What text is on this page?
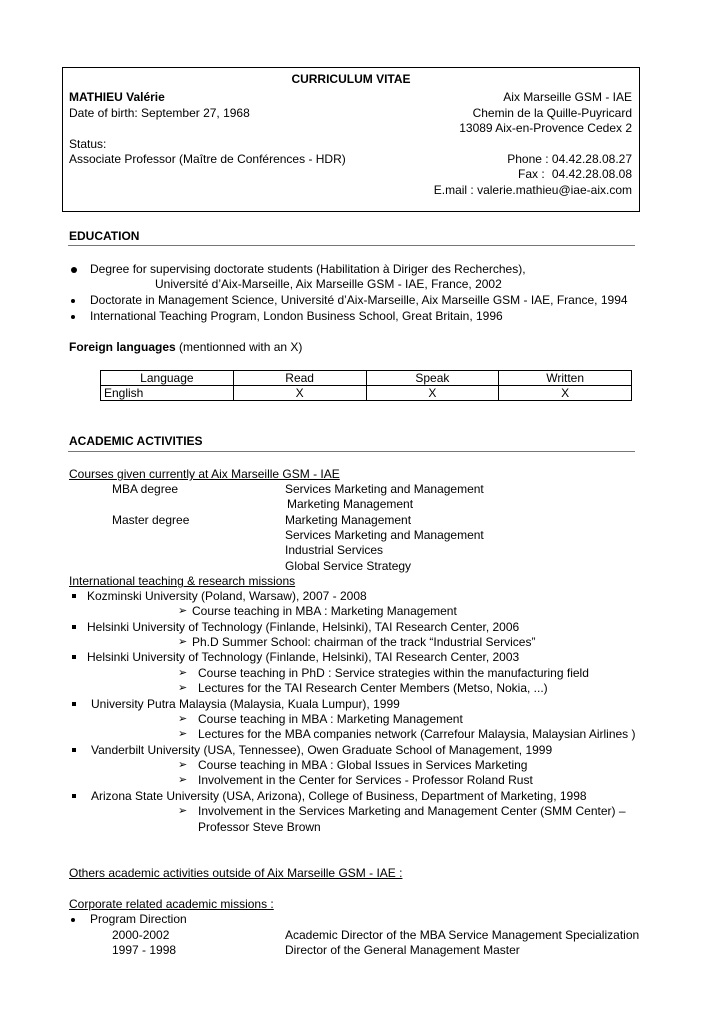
CURRICULUM VITAE
MATHIEU Valérie
Date of birth: September 27, 1968
Status:
Associate Professor (Maître de Conférences - HDR)
Aix Marseille GSM - IAE
Chemin de la Quille-Puyricard
13089 Aix-en-Provence Cedex 2
Phone : 04.42.28.08.27
Fax : 04.42.28.08.08
E.mail : valerie.mathieu@iae-aix.com
EDUCATION
Degree for supervising doctorate students (Habilitation à Diriger des Recherches),
Université d’Aix-Marseille, Aix Marseille GSM - IAE, France, 2002
Doctorate in Management Science, Université d’Aix-Marseille, Aix Marseille GSM - IAE, France, 1994
International Teaching Program, London Business School, Great Britain, 1996
Foreign languages (mentionned with an X)
Language	Read	Speak	Written
English	X	X	X
ACADEMIC ACTIVITIES
Courses given currently at Aix Marseille GSM - IAE
MBA degree	Services Marketing and Management
Marketing Management
Master degree	Marketing Management
Services Marketing and Management
Industrial Services
Global Service Strategy
International teaching & research missions
Kozminski University (Poland, Warsaw), 2007 - 2008
➢ Course teaching in MBA : Marketing Management
Helsinki University of Technology (Finlande, Helsinki), TAI Research Center, 2006
➢ Ph.D Summer School: chairman of the track “Industrial Services”
Helsinki University of Technology (Finlande, Helsinki), TAI Research Center, 2003
➢ Course teaching in PhD : Service strategies within the manufacturing field
➢ Lectures for the TAI Research Center Members (Metso, Nokia, ...)
University Putra Malaysia (Malaysia, Kuala Lumpur), 1999
➢ Course teaching in MBA : Marketing Management
➢ Lectures for the MBA companies network (Carrefour Malaysia, Malaysian Airlines )
Vanderbilt University (USA, Tennessee), Owen Graduate School of Management, 1999
➢ Course teaching in MBA : Global Issues in Services Marketing
➢ Involvement in the Center for Services - Professor Roland Rust
Arizona State University (USA, Arizona), College of Business, Department of Marketing, 1998
➢ Involvement in the Services Marketing and Management Center (SMM Center) –
Professor Steve Brown
Others academic activities outside of Aix Marseille GSM - IAE :
Corporate related academic missions :
Program Direction
2000-2002	Academic Director of the MBA Service Management Specialization
1997 - 1998	Director of the General Management Master
